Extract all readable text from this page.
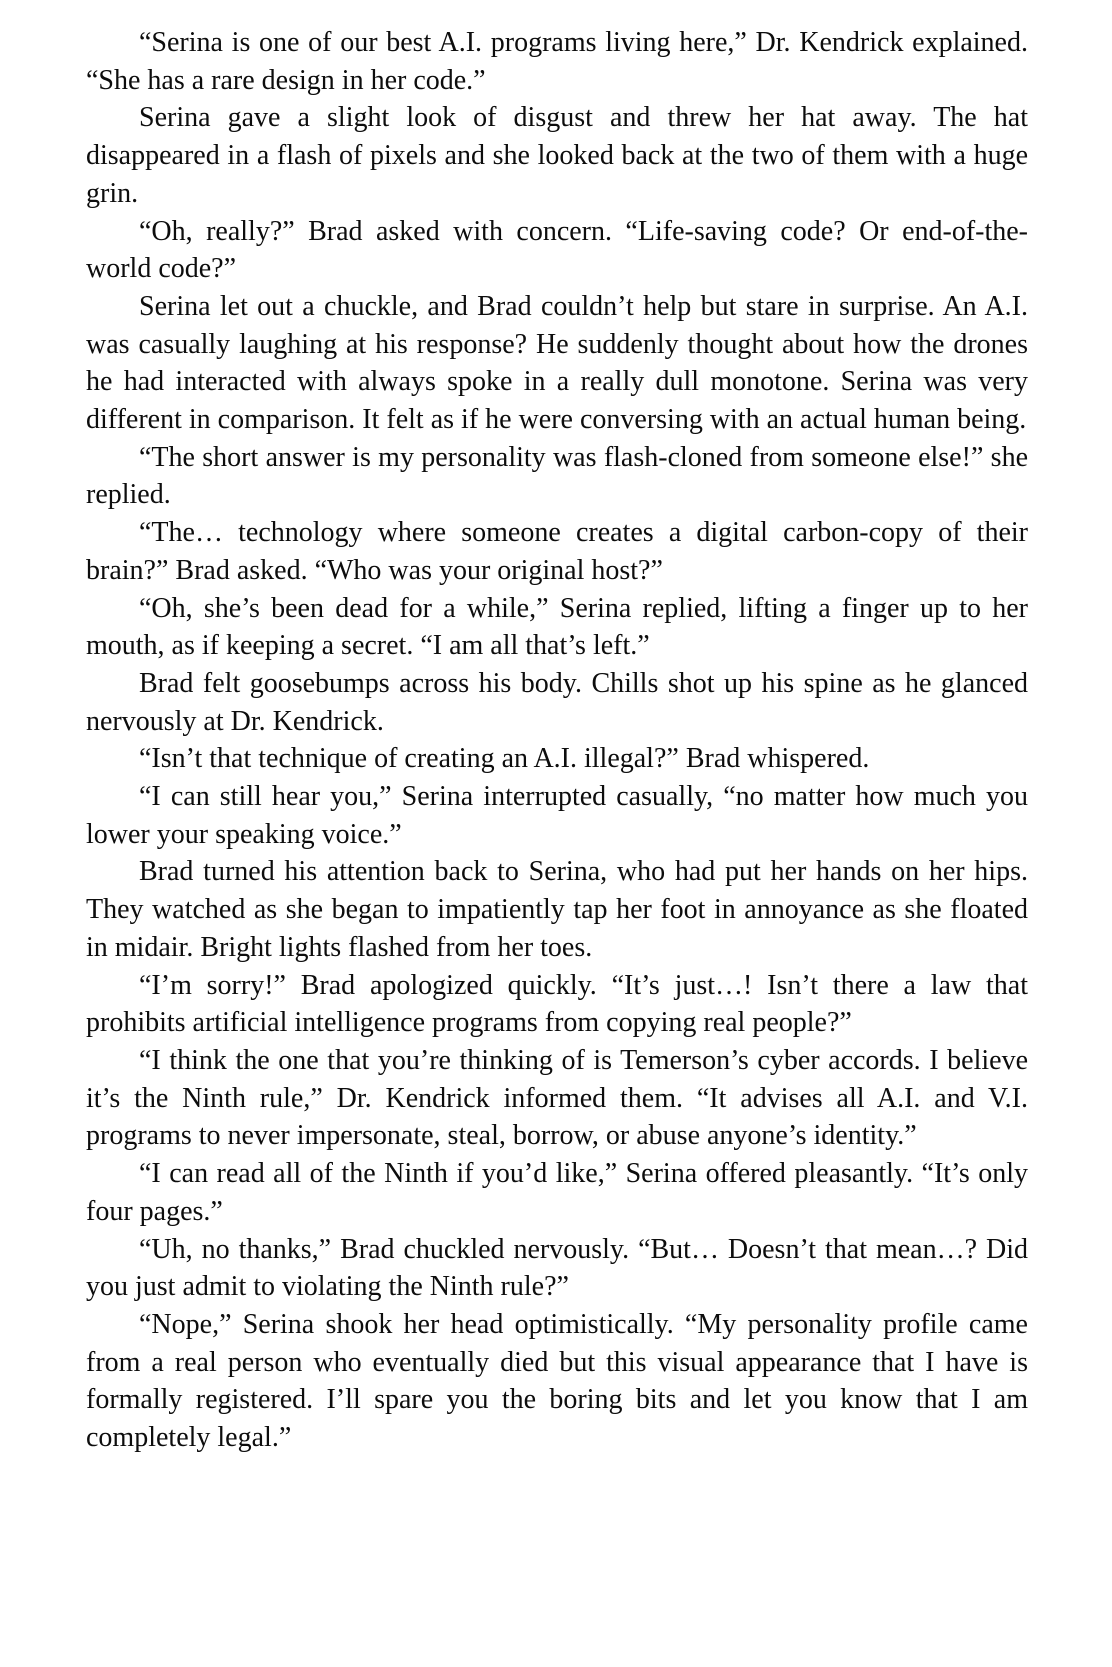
“Serina is one of our best A.I. programs living here,” Dr. Kendrick explained. “She has a rare design in her code.”

Serina gave a slight look of disgust and threw her hat away. The hat disappeared in a flash of pixels and she looked back at the two of them with a huge grin.

“Oh, really?” Brad asked with concern. “Life-saving code? Or end-of-the-world code?”

Serina let out a chuckle, and Brad couldn’t help but stare in surprise. An A.I. was casually laughing at his response? He suddenly thought about how the drones he had interacted with always spoke in a really dull monotone. Serina was very different in comparison. It felt as if he were conversing with an actual human being.

“The short answer is my personality was flash-cloned from someone else!” she replied.

“The… technology where someone creates a digital carbon-copy of their brain?” Brad asked. “Who was your original host?”

“Oh, she’s been dead for a while,” Serina replied, lifting a finger up to her mouth, as if keeping a secret. “I am all that’s left.”

Brad felt goosebumps across his body. Chills shot up his spine as he glanced nervously at Dr. Kendrick.

“Isn’t that technique of creating an A.I. illegal?” Brad whispered.

“I can still hear you,” Serina interrupted casually, “no matter how much you lower your speaking voice.”

Brad turned his attention back to Serina, who had put her hands on her hips. They watched as she began to impatiently tap her foot in annoyance as she floated in midair. Bright lights flashed from her toes.

“I’m sorry!” Brad apologized quickly. “It’s just…! Isn’t there a law that prohibits artificial intelligence programs from copying real people?”

“I think the one that you’re thinking of is Temerson’s cyber accords. I believe it’s the Ninth rule,” Dr. Kendrick informed them. “It advises all A.I. and V.I. programs to never impersonate, steal, borrow, or abuse anyone’s identity.”

“I can read all of the Ninth if you’d like,” Serina offered pleasantly. “It’s only four pages.”

“Uh, no thanks,” Brad chuckled nervously. “But… Doesn’t that mean…? Did you just admit to violating the Ninth rule?”

“Nope,” Serina shook her head optimistically. “My personality profile came from a real person who eventually died but this visual appearance that I have is formally registered. I’ll spare you the boring bits and let you know that I am completely legal.”
